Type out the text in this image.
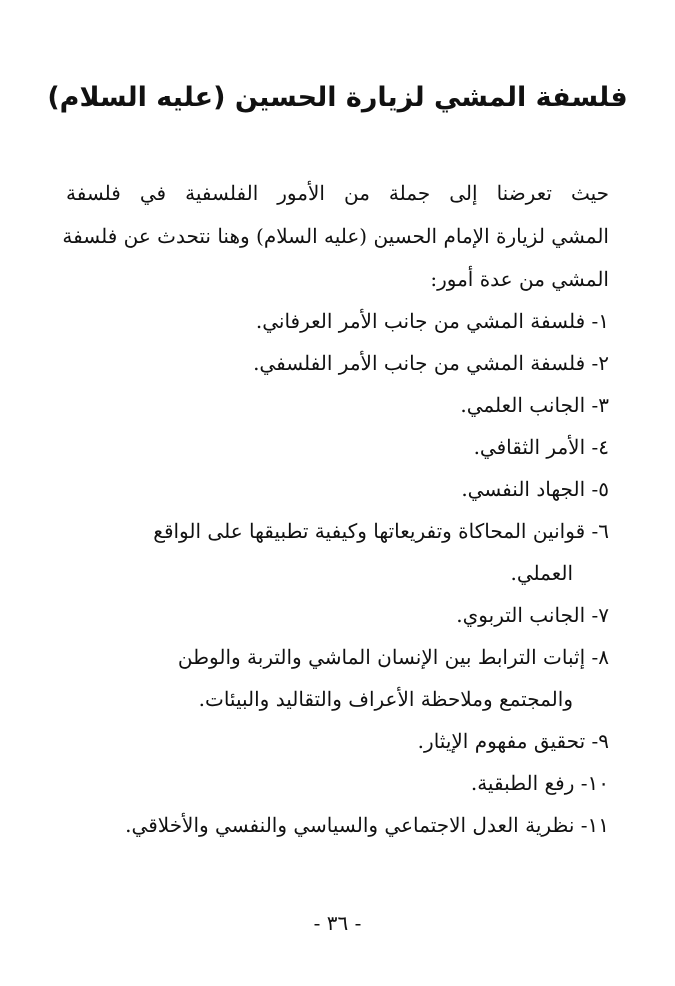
فلسفة المشي لزيارة الحسين (عليه السلام)
حيث تعرضنا إلى جملة من الأمور الفلسفية في فلسفة
المشي لزيارة الإمام الحسين (عليه السلام) وهنا نتحدث عن فلسفة
المشي من عدة أمور:
١- فلسفة المشي من جانب الأمر العرفاني.
٢- فلسفة المشي من جانب الأمر الفلسفي.
٣- الجانب العلمي.
٤- الأمر الثقافي.
٥- الجهاد النفسي.
٦- قوانين المحاكاة وتفريعاتها وكيفية تطبيقها على الواقع
العملي.
٧- الجانب التربوي.
٨- إثبات الترابط بين الإنسان الماشي والتربة والوطن
والمجتمع وملاحظة الأعراف والتقاليد والبيئات.
٩- تحقيق مفهوم الإيثار.
١٠- رفع الطبقية.
١١- نظرية العدل الاجتماعي والسياسي والنفسي والأخلاقي.
- ٣٦ -
